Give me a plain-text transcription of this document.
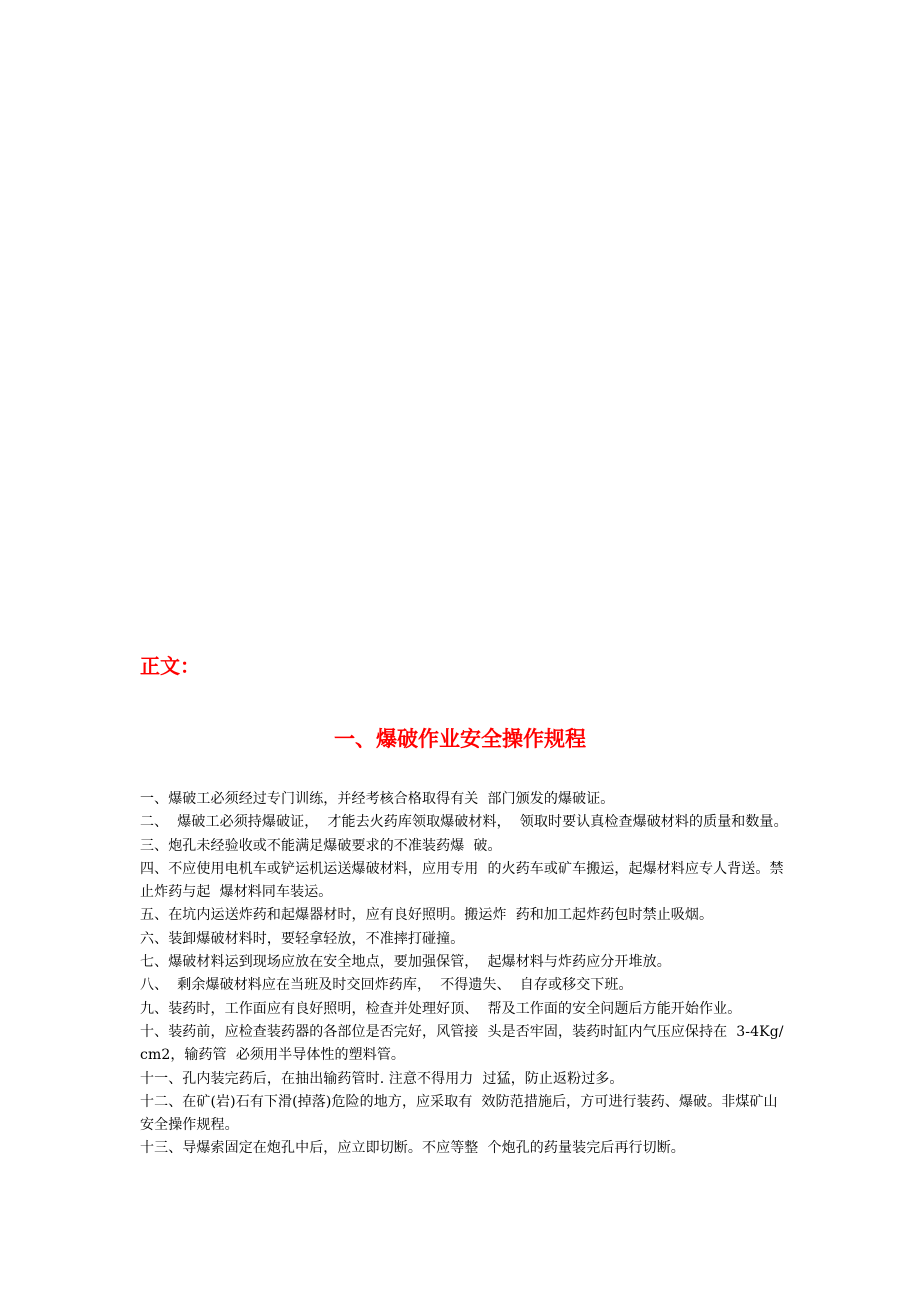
正文：
一、爆破作业安全操作规程

一、爆破工必须经过专门训练，并经考核合格取得有关  部门颁发的爆破证。

二、  爆破工必须持爆破证，  才能去火药库领取爆破材料，  领取时要认真检查爆破材料的质量和数量。

三、炮孔未经验收或不能满足爆破要求的不准装药爆  破。

四、不应使用电机车或铲运机运送爆破材料，应用专用  的火药车或矿车搬运，起爆材料应专人背送。禁止炸药与起  爆材料同车装运。

五、在坑内运送炸药和起爆器材时，应有良好照明。搬运炸  药和加工起炸药包时禁止吸烟。

六、装卸爆破材料时，要轻拿轻放，不准摔打碰撞。

七、爆破材料运到现场应放在安全地点，要加强保管，  起爆材料与炸药应分开堆放。

八、  剩余爆破材料应在当班及时交回炸药库，  不得遗失、  自存或移交下班。

九、装药时，工作面应有良好照明，检查并处理好顶、  帮及工作面的安全问题后方能开始作业。

十、装药前，应检查装药器的各部位是否完好，风管接  头是否牢固，装药时缸内气压应保持在  3-4Kg/cm2，输药管  必须用半导体性的塑料管。

十一、孔内装完药后，在抽出输药管时. 注意不得用力  过猛，防止返粉过多。

十二、在矿(岩)石有下滑(掉落)危险的地方，应采取有  效防范措施后，方可进行装药、爆破。非煤矿山安全操作规程。

十三、导爆索固定在炮孔中后，应立即切断。不应等整  个炮孔的药量装完后再行切断。
